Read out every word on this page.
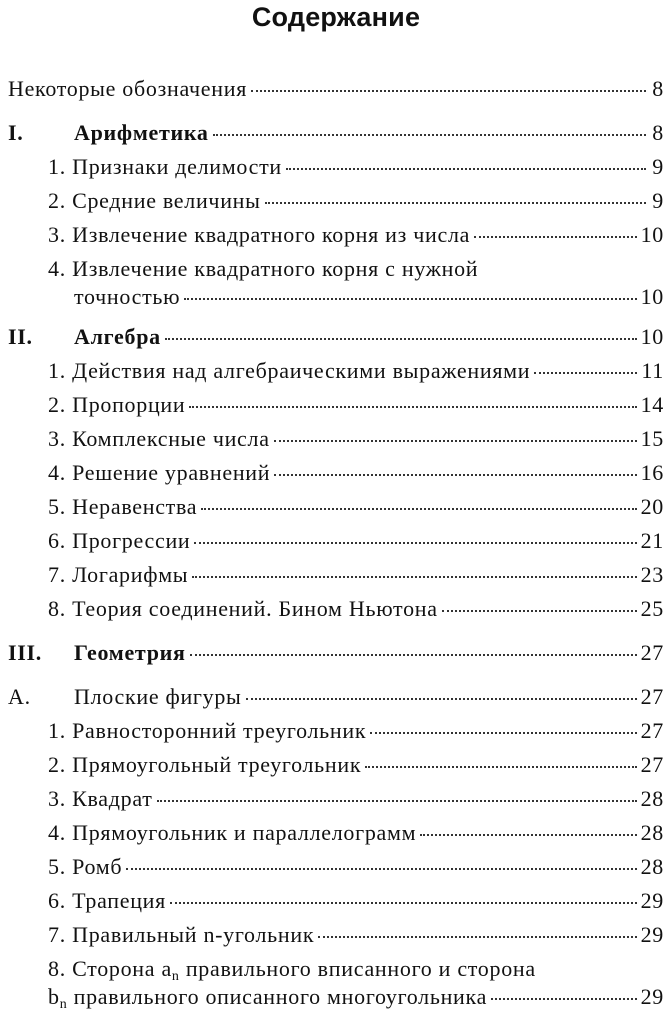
Содержание
Некоторые обозначения	8
I. Арифметика	8
1. Признаки делимости	9
2. Средние величины	9
3. Извлечение квадратного корня из числа	10
4. Извлечение квадратного корня с нужной
точностью	10
II. Алгебра	10
1. Действия над алгебраическими выражениями	11
2. Пропорции	14
3. Комплексные числа	15
4. Решение уравнений	16
5. Неравенства	20
6. Прогрессии	21
7. Логарифмы	23
8. Теория соединений. Бином Ньютона	25
III. Геометрия	27
A. Плоские фигуры	27
1. Равносторонний треугольник	27
2. Прямоугольный треугольник	27
3. Квадрат	28
4. Прямоугольник и параллелограмм	28
5. Ромб	28
6. Трапеция	29
7. Правильный n-угольник	29
8. Сторона $a_n$ правильного вписанного и сторона
$b_n$ правильного описанного многоугольника	29
